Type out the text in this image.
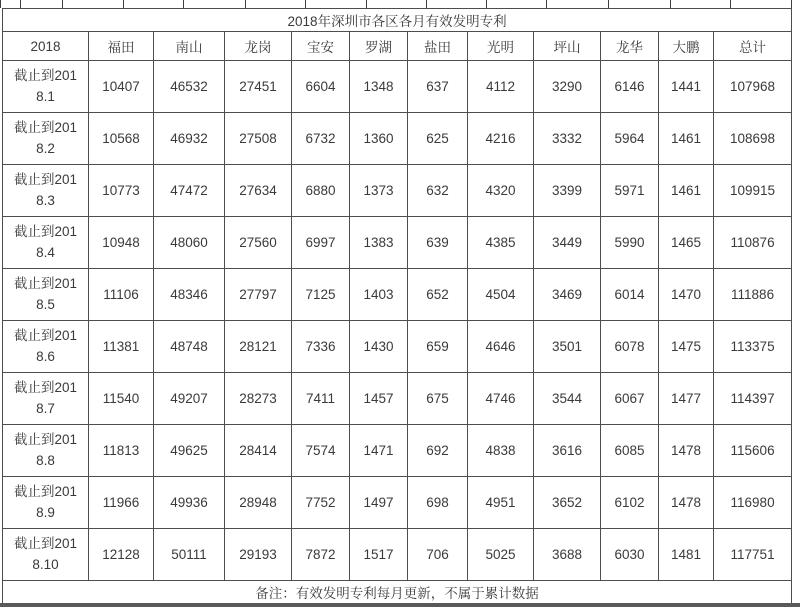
2018年深圳市各区各月有效发明专利											
2018	福田	南山	龙岗	宝安	罗湖	盐田	光明	坪山	龙华	大鹏	总计

截止到201
8.1	10407	46532	27451	6604	1348	637	4112	3290	6146	1441	107968

截止到201
8.2	10568	46932	27508	6732	1360	625	4216	3332	5964	1461	108698

截止到201
8.3	10773	47472	27634	6880	1373	632	4320	3399	5971	1461	109915

截止到201
8.4	10948	48060	27560	6997	1383	639	4385	3449	5990	1465	110876

截止到201
8.5	11106	48346	27797	7125	1403	652	4504	3469	6014	1470	111886

截止到201
8.6	11381	48748	28121	7336	1430	659	4646	3501	6078	1475	113375

截止到201
8.7	11540	49207	28273	7411	1457	675	4746	3544	6067	1477	114397

截止到201
8.8	11813	49625	28414	7574	1471	692	4838	3616	6085	1478	115606

截止到201
8.9	11966	49936	28948	7752	1497	698	4951	3652	6102	1478	116980

截止到201
8.10	12128	50111	29193	7872	1517	706	5025	3688	6030	1481	117751
备注：有效发明专利每月更新，不属于累计数据											
